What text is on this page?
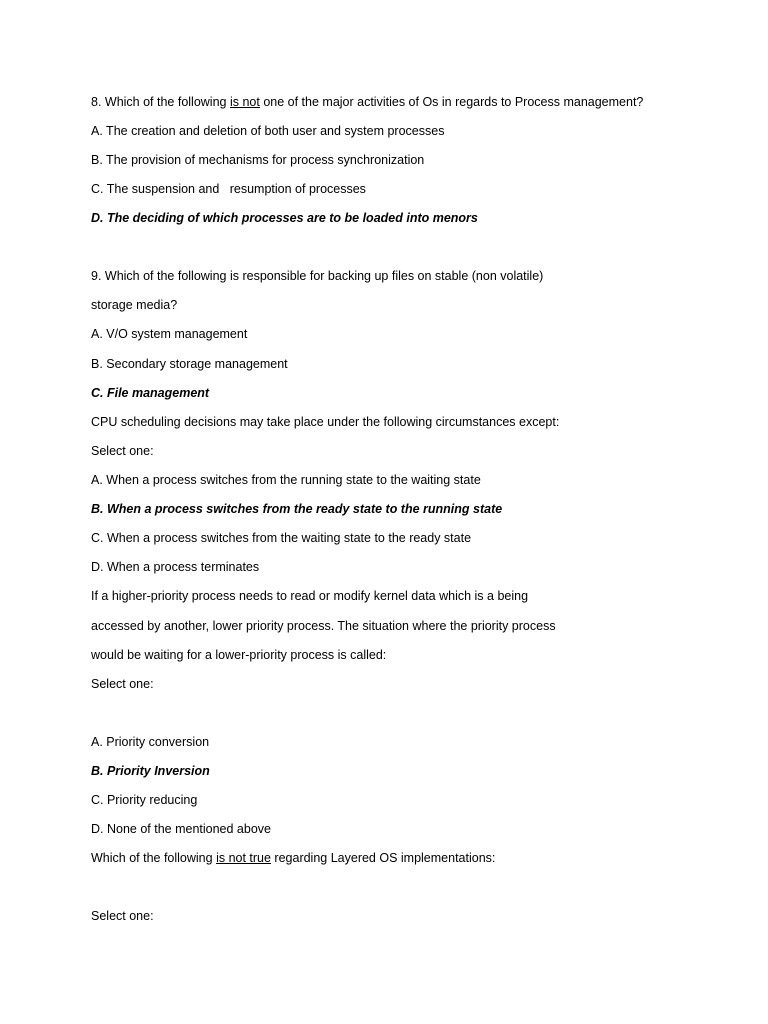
8. Which of the following is not one of the major activities of Os in regards to Process management?

A. The creation and deletion of both user and system processes

B. The provision of mechanisms for process synchronization

C. The suspension and   resumption of processes

D. The deciding of which processes are to be loaded into menors

9. Which of the following is responsible for backing up files on stable (non volatile)

storage media?

A. V/O system management

B. Secondary storage management

C. File management

CPU scheduling decisions may take place under the following circumstances except:

Select one:

A. When a process switches from the running state to the waiting state

B. When a process switches from the ready state to the running state

C. When a process switches from the waiting state to the ready state

D. When a process terminates

If a higher-priority process needs to read or modify kernel data which is a being

accessed by another, lower priority process. The situation where the priority process

would be waiting for a lower-priority process is called:

Select one:

A. Priority conversion

B. Priority Inversion

C. Priority reducing

D. None of the mentioned above

Which of the following is not true regarding Layered OS implementations:

Select one:
